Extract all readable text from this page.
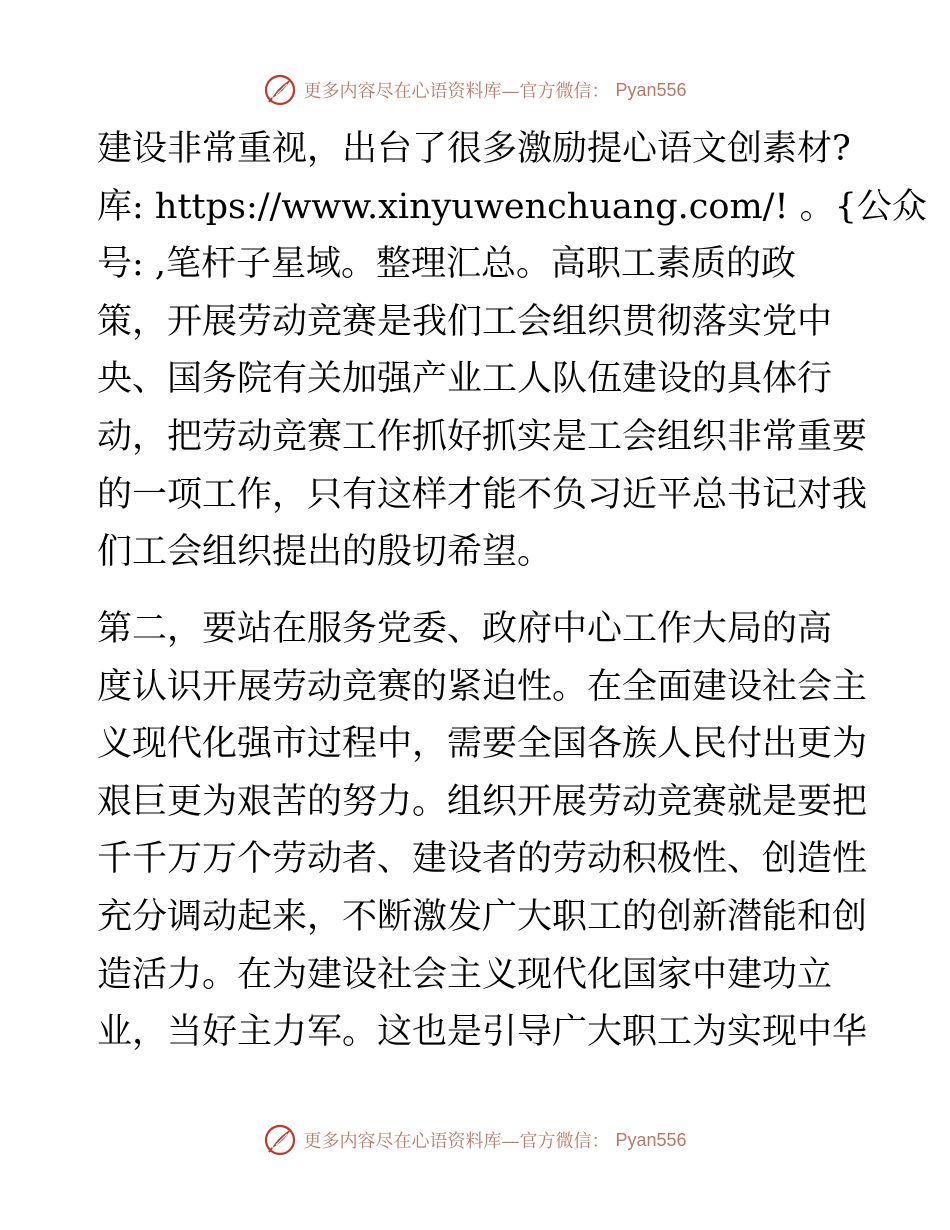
更多内容尽在心语资料库—官方微信： Pyan556
建设非常重视，出台了很多激励提心语文创素材?
库: https://www.xinyuwenchuang.com/! 。{公众
号: ,笔杆子星域。整理汇总。高职工素质的政
策，开展劳动竞赛是我们工会组织贯彻落实党中
央、国务院有关加强产业工人队伍建设的具体行
动，把劳动竞赛工作抓好抓实是工会组织非常重要
的一项工作，只有这样才能不负习近平总书记对我
们工会组织提出的殷切希望。
第二，要站在服务党委、政府中心工作大局的高
度认识开展劳动竞赛的紧迫性。在全面建设社会主
义现代化强市过程中，需要全国各族人民付出更为
艰巨更为艰苦的努力。组织开展劳动竞赛就是要把
千千万万个劳动者、建设者的劳动积极性、创造性
充分调动起来，不断激发广大职工的创新潜能和创
造活力。在为建设社会主义现代化国家中建功立
业，当好主力军。这也是引导广大职工为实现中华
更多内容尽在心语资料库—官方微信： Pyan556
